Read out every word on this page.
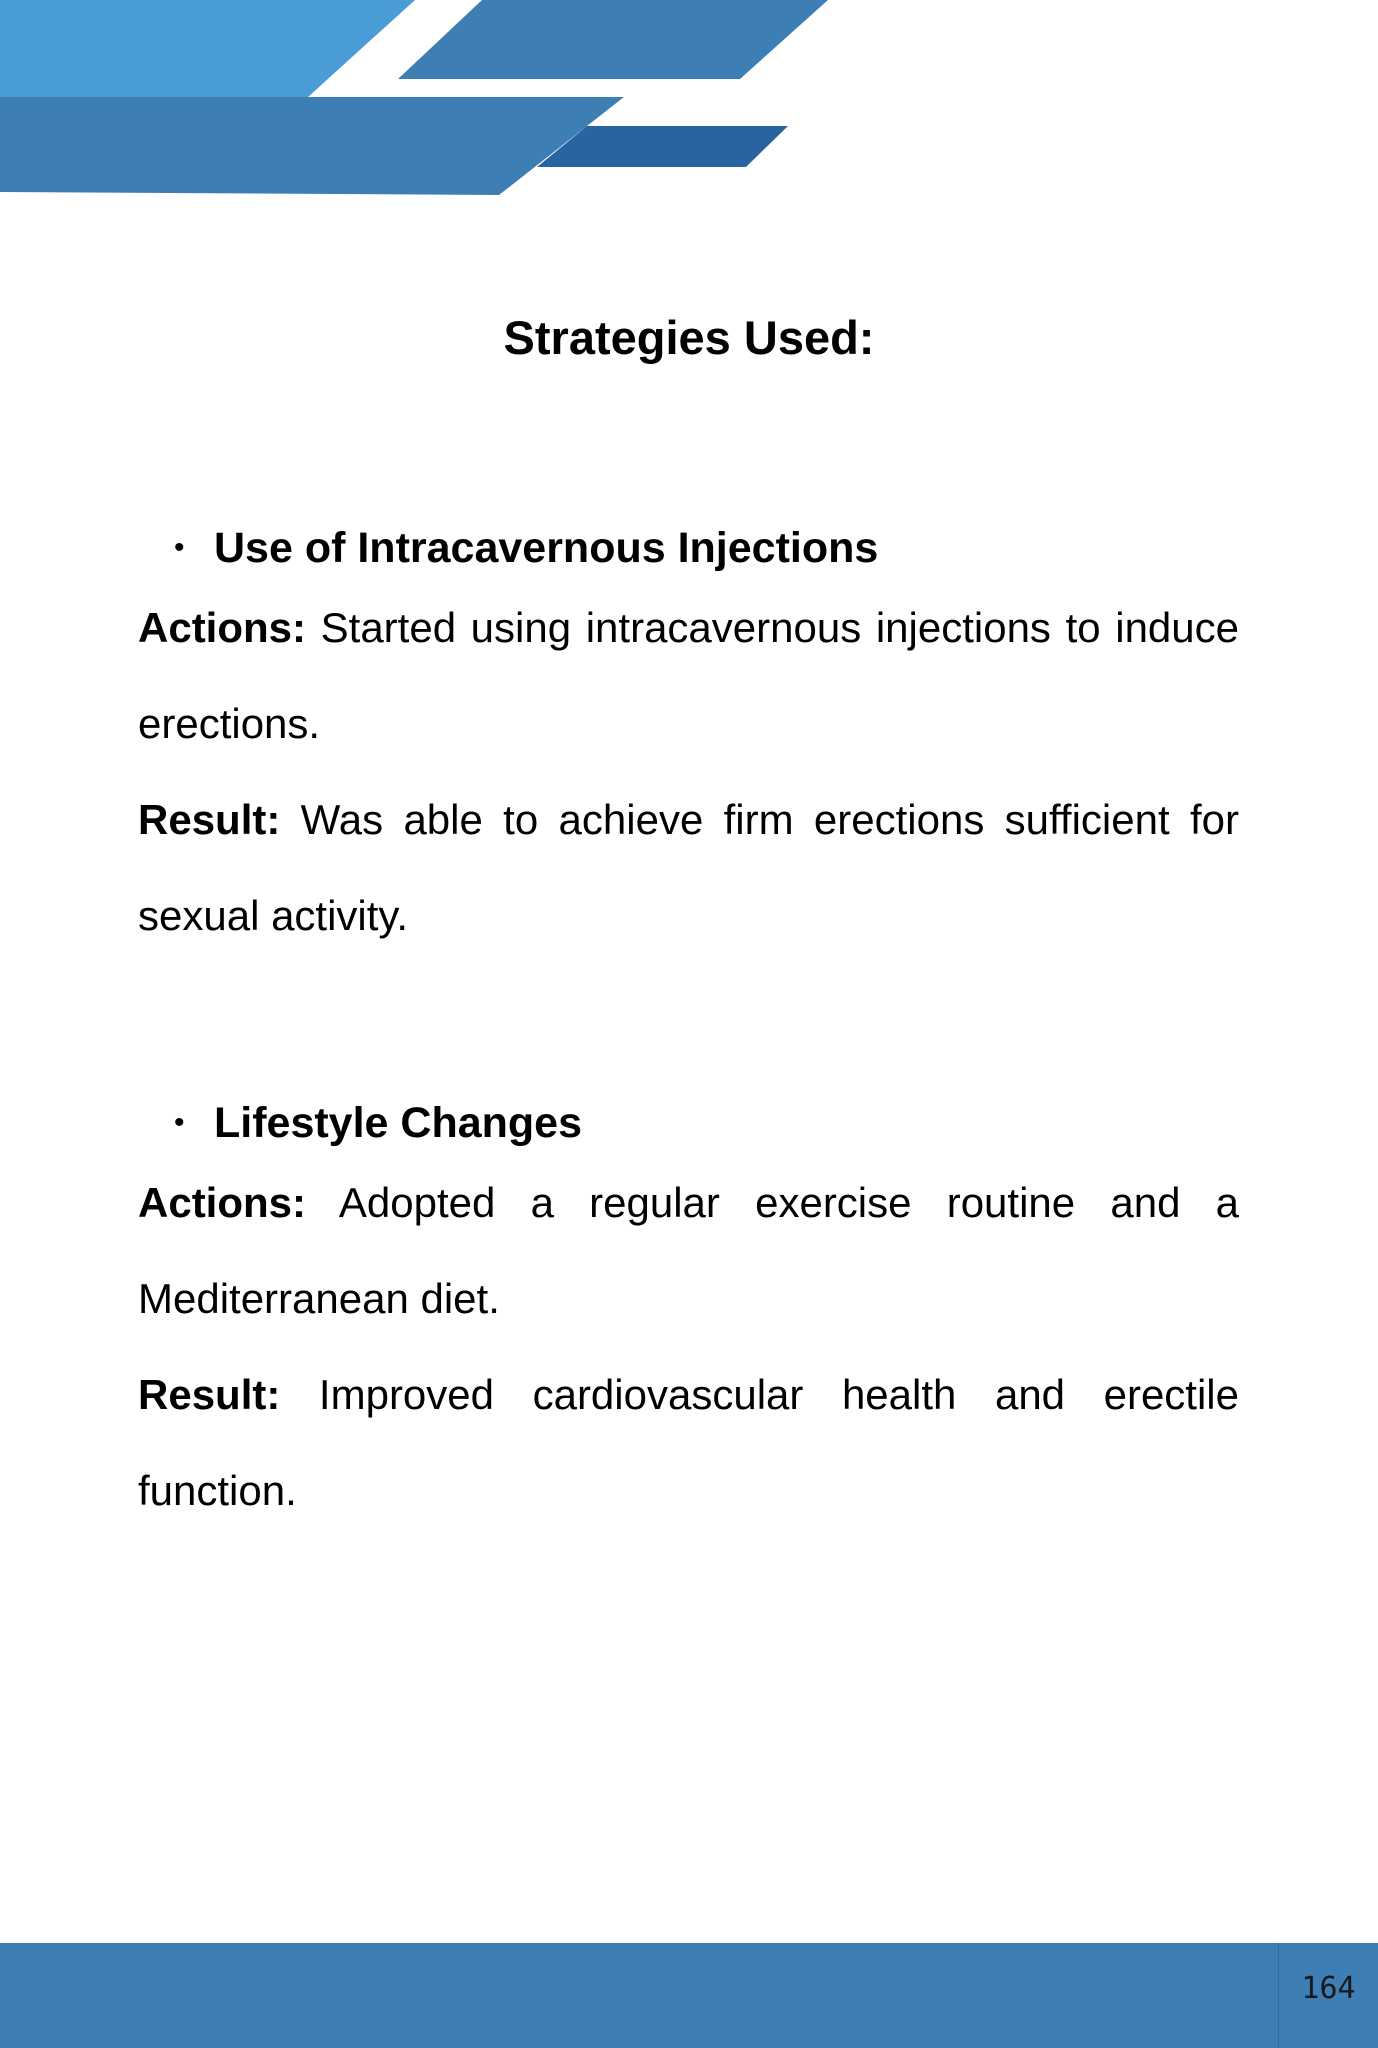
Strategies Used:
• Use of Intracavernous Injections

Actions: Started using intracavernous injections to induce erections.

Result: Was able to achieve firm erections sufficient for sexual activity.

• Lifestyle Changes

Actions: Adopted a regular exercise routine and a Mediterranean diet.

Result: Improved cardiovascular health and erectile function.

164
